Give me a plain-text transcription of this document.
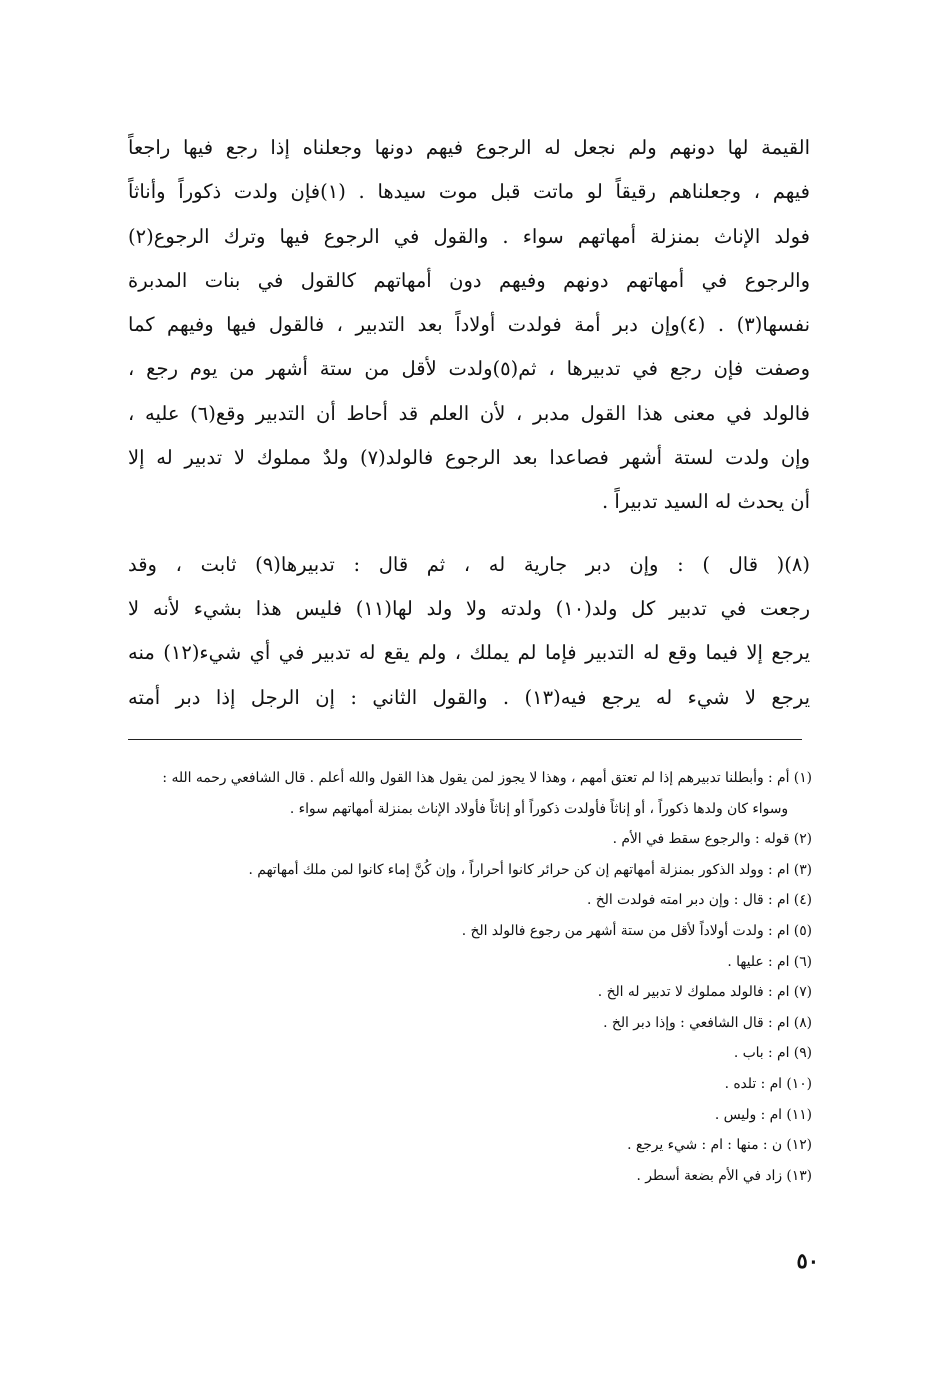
القيمة لها دونهم ولم نجعل له الرجوع فيهم دونها وجعلناه إذا رجع فيها راجعاً
فيهم ، وجعلناهم رقيقاً لو ماتت قبل موت سيدها . (١)فإن ولدت ذكوراً وأناثاً
فولد الإناث بمنزلة أمهاتهم سواء . والقول في الرجوع فيها وترك الرجوع(٢)
والرجوع في أمهاتهم دونهم وفيهم دون أمهاتهم كالقول في بنات المدبرة
نفسها(٣) . (٤)وإن دبر أمة فولدت أولاداً بعد التدبير ، فالقول فيها وفيهم كما
وصفت فإن رجع في تدبيرها ، ثم(٥)ولدت لأقل من ستة أشهر من يوم رجع ،
فالولد في معنى هذا القول مدبر ، لأن العلم قد أحاط أن التدبير وقع(٦) عليه ،
وإن ولدت لستة أشهر فصاعدا بعد الرجوع فالولد(٧) ولدٌ مملوك لا تدبير له إلا
أن يحدث له السيد تدبيراً .
(٨)( قال ) : وإن دبر جارية له ، ثم قال : تدبيرها(٩) ثابت ، وقد
رجعت في تدبير كل ولد(١٠) ولدته ولا ولد لها(١١) فليس هذا بشيء لأنه لا
يرجع إلا فيما وقع له التدبير فإما لم يملك ، ولم يقع له تدبير في أي شيء(١٢) منه
يرجع لا شيء له يرجع فيه(١٣) . والقول الثاني : إن الرجل إذا دبر أمته
(١) أم : وأبطلنا تدبيرهم إذا لم تعتق أمهم ، وهذا لا يجوز لمن يقول هذا القول والله أعلم . قال الشافعي رحمه الله :
وسواء كان ولدها ذكوراً ، أو إناثاً فأولدت ذكوراً أو إناثاً فأولاد الإناث بمنزلة أمهاتهم سواء .
(٢) قوله : والرجوع سقط في الأم .
(٣) ام : وولد الذكور بمنزلة أمهاتهم إن كن حرائر كانوا أحراراً ، وإن كُنَّ إماء كانوا لمن ملك أمهاتهم .
(٤) ام : قال : وإن دبر امته فولدت الخ .
(٥) ام : ولدت أولاداً لأقل من ستة أشهر من رجوع فالولد الخ .
(٦) ام : عليها .
(٧) ام : فالولد مملوك لا تدبير له الخ .
(٨) ام : قال الشافعي : وإذا دبر الخ .
(٩) ام : باب .
(١٠) ام : تلده .
(١١) ام : وليس .
(١٢) ن : منها : ام : شيء يرجع .
(١٣) زاد في الأم بضعة أسطر .
٥٠
